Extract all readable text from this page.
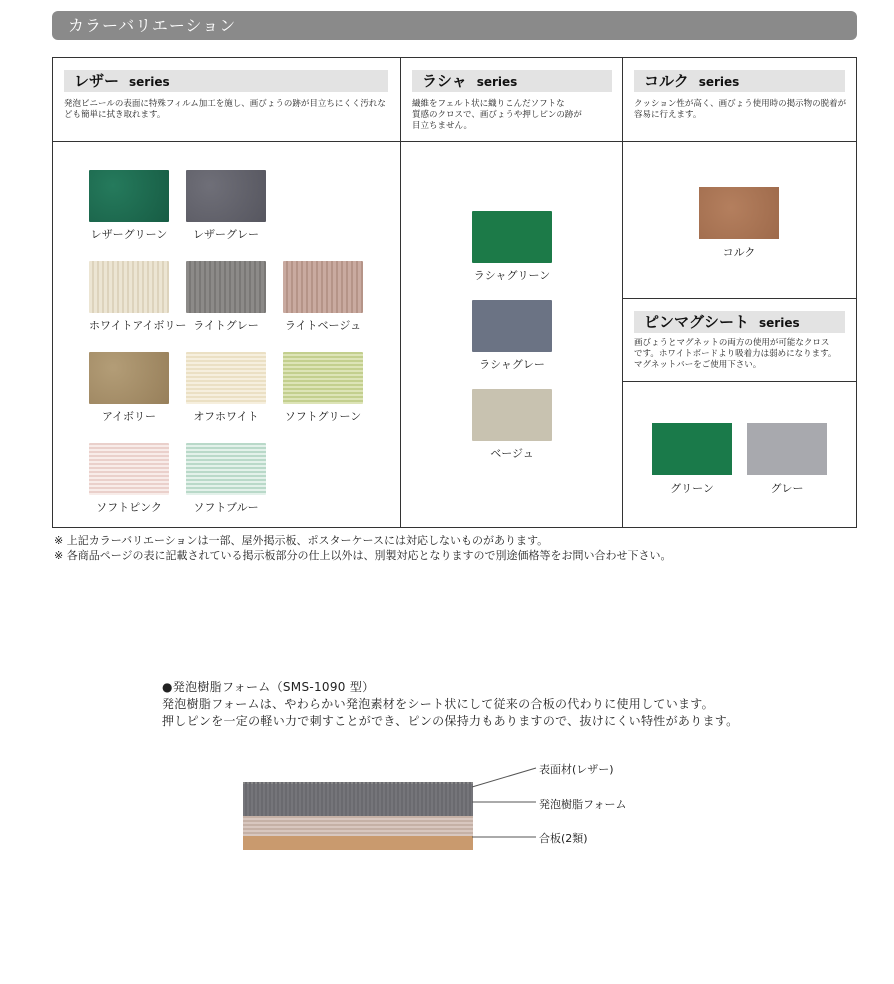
カラーバリエーション
レザー series
発泡ビニールの表面に特殊フィルム加工を施し、画びょうの跡が目立ちにくく汚れな
ども簡単に拭き取れます。
ラシャ series
繊維をフェルト状に織りこんだソフトな
質感のクロスで、画びょうや押しピンの跡が
目立ちません。
コルク series
クッション性が高く、画びょう使用時の掲示物の脱着が
容易に行えます。
ピンマグシート series
画びょうとマグネットの両方の使用が可能なクロス
です。ホワイトボードより吸着力は弱めになります。
マグネットバーをご使用下さい。
レザーグリーン	レザーグレー
ホワイトアイボリー ライトグレー	ライトベージュ
アイボリー	オフホワイト	ソフトグリーン
ソフトピンク	ソフトブルー
ラシャグリーン
ラシャグレー
ベージュ
コルク
グリーン	グレー
※ 上記カラーバリエーションは一部、屋外掲示板、ポスターケースには対応しないものがあります。
※ 各商品ページの表に記載されている掲示板部分の仕上以外は、別製対応となりますので別途価格等をお問い合わせ下さい。
●発泡樹脂フォーム（SMS-1090 型）
発泡樹脂フォームは、やわらかい発泡素材をシート状にして従来の合板の代わりに使用しています。
押しピンを一定の軽い力で刺すことができ、ピンの保持力もありますので、抜けにくい特性があります。
表面材(レザー)
発泡樹脂フォーム
合板(2類)
